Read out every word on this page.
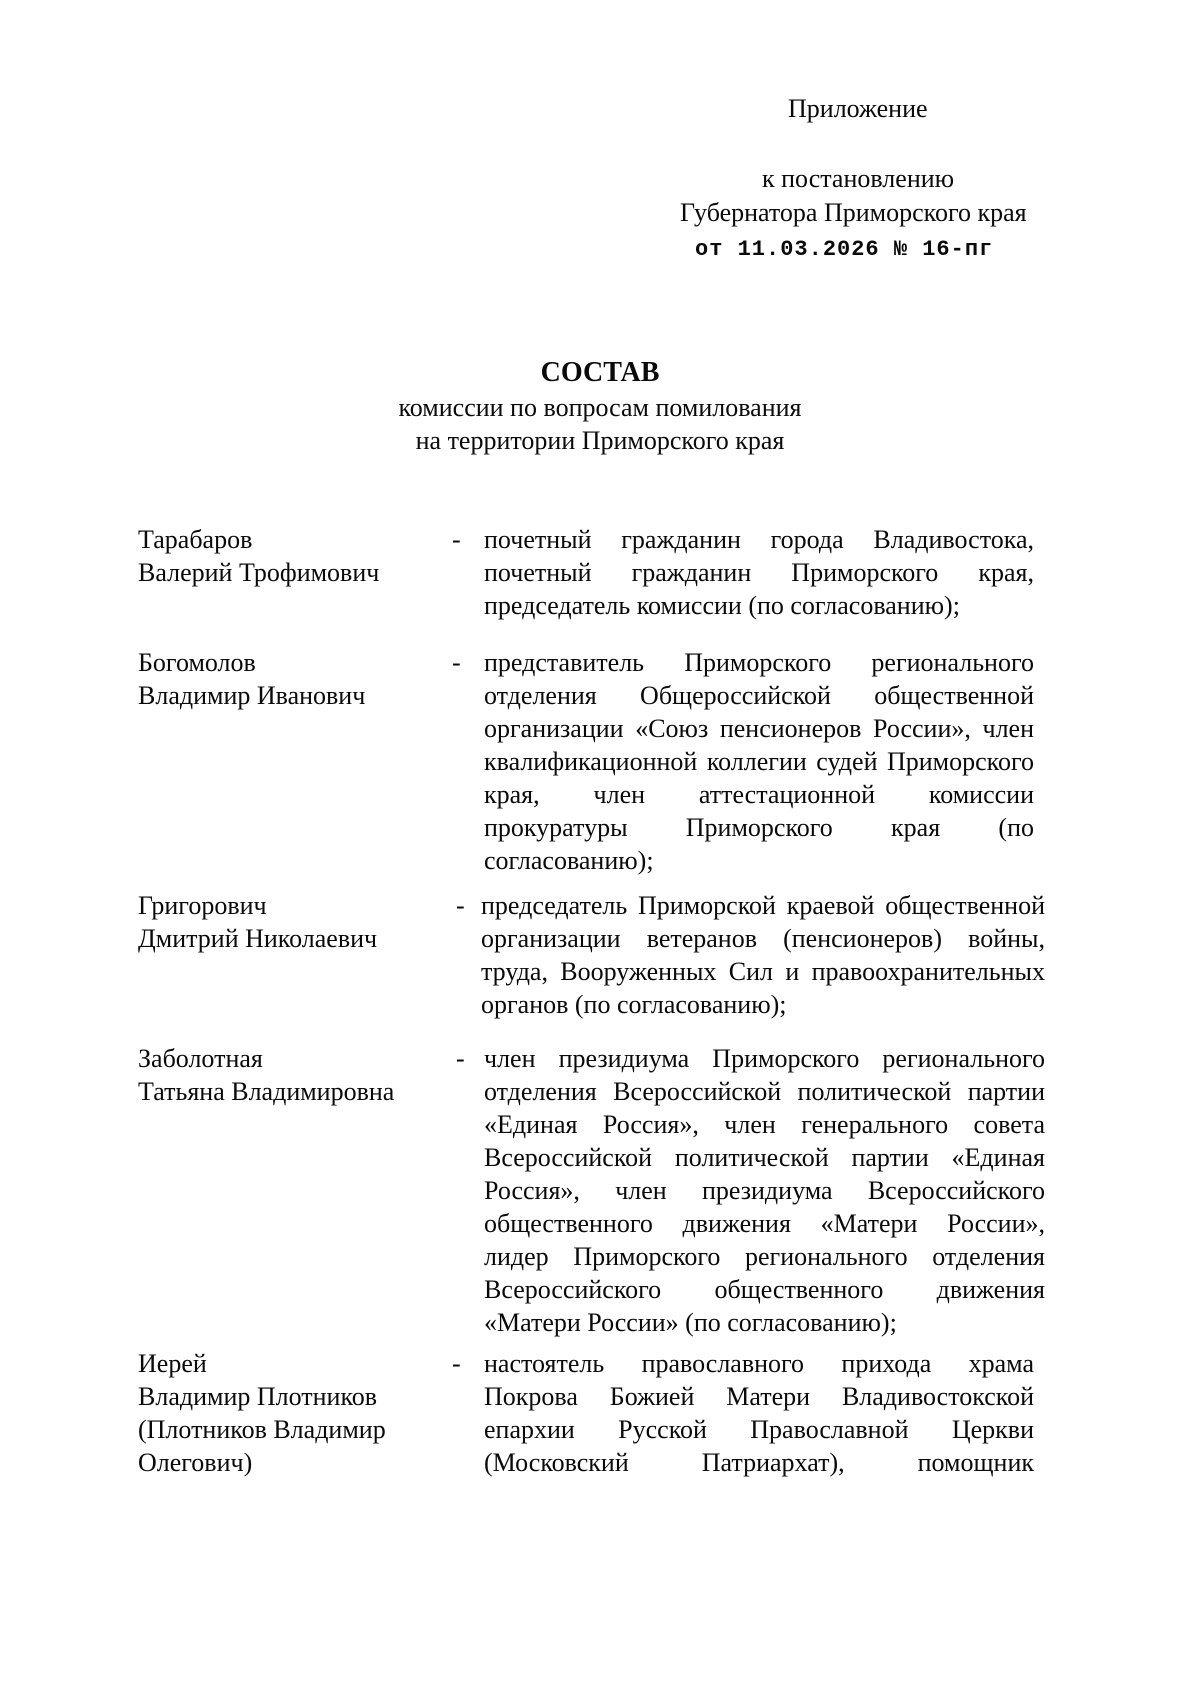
Приложение
к постановлению
Губернатора Приморского края
от 11.03.2026 № 16-пг
СОСТАВ
комиссии по вопросам помилования
на территории Приморского края
Тарабаров
Валерий Трофимович
- почетный гражданин города Владивостока, почетный гражданин Приморского края, председатель комиссии (по согласованию);
Богомолов
Владимир Иванович
- представитель Приморского регионального отделения Общероссийской общественной организации «Союз пенсионеров России», член квалификационной коллегии судей Приморского края, член аттестационной комиссии прокуратуры Приморского края (по согласованию);
Григорович
Дмитрий Николаевич
- председатель Приморской краевой общественной организации ветеранов (пенсионеров) войны, труда, Вооруженных Сил и правоохранительных органов (по согласованию);
Заболотная
Татьяна Владимировна
- член президиума Приморского регионального отделения Всероссийской политической партии «Единая Россия», член генерального совета Всероссийской политической партии «Единая Россия», член президиума Всероссийского общественного движения «Матери России», лидер Приморского регионального отделения Всероссийского общественного движения «Матери России» (по согласованию);
Иерей
Владимир Плотников
(Плотников Владимир
Олегович)
- настоятель православного прихода храма Покрова Божией Матери Владивостокской епархии Русской Православной Церкви (Московский Патриархат), помощник
